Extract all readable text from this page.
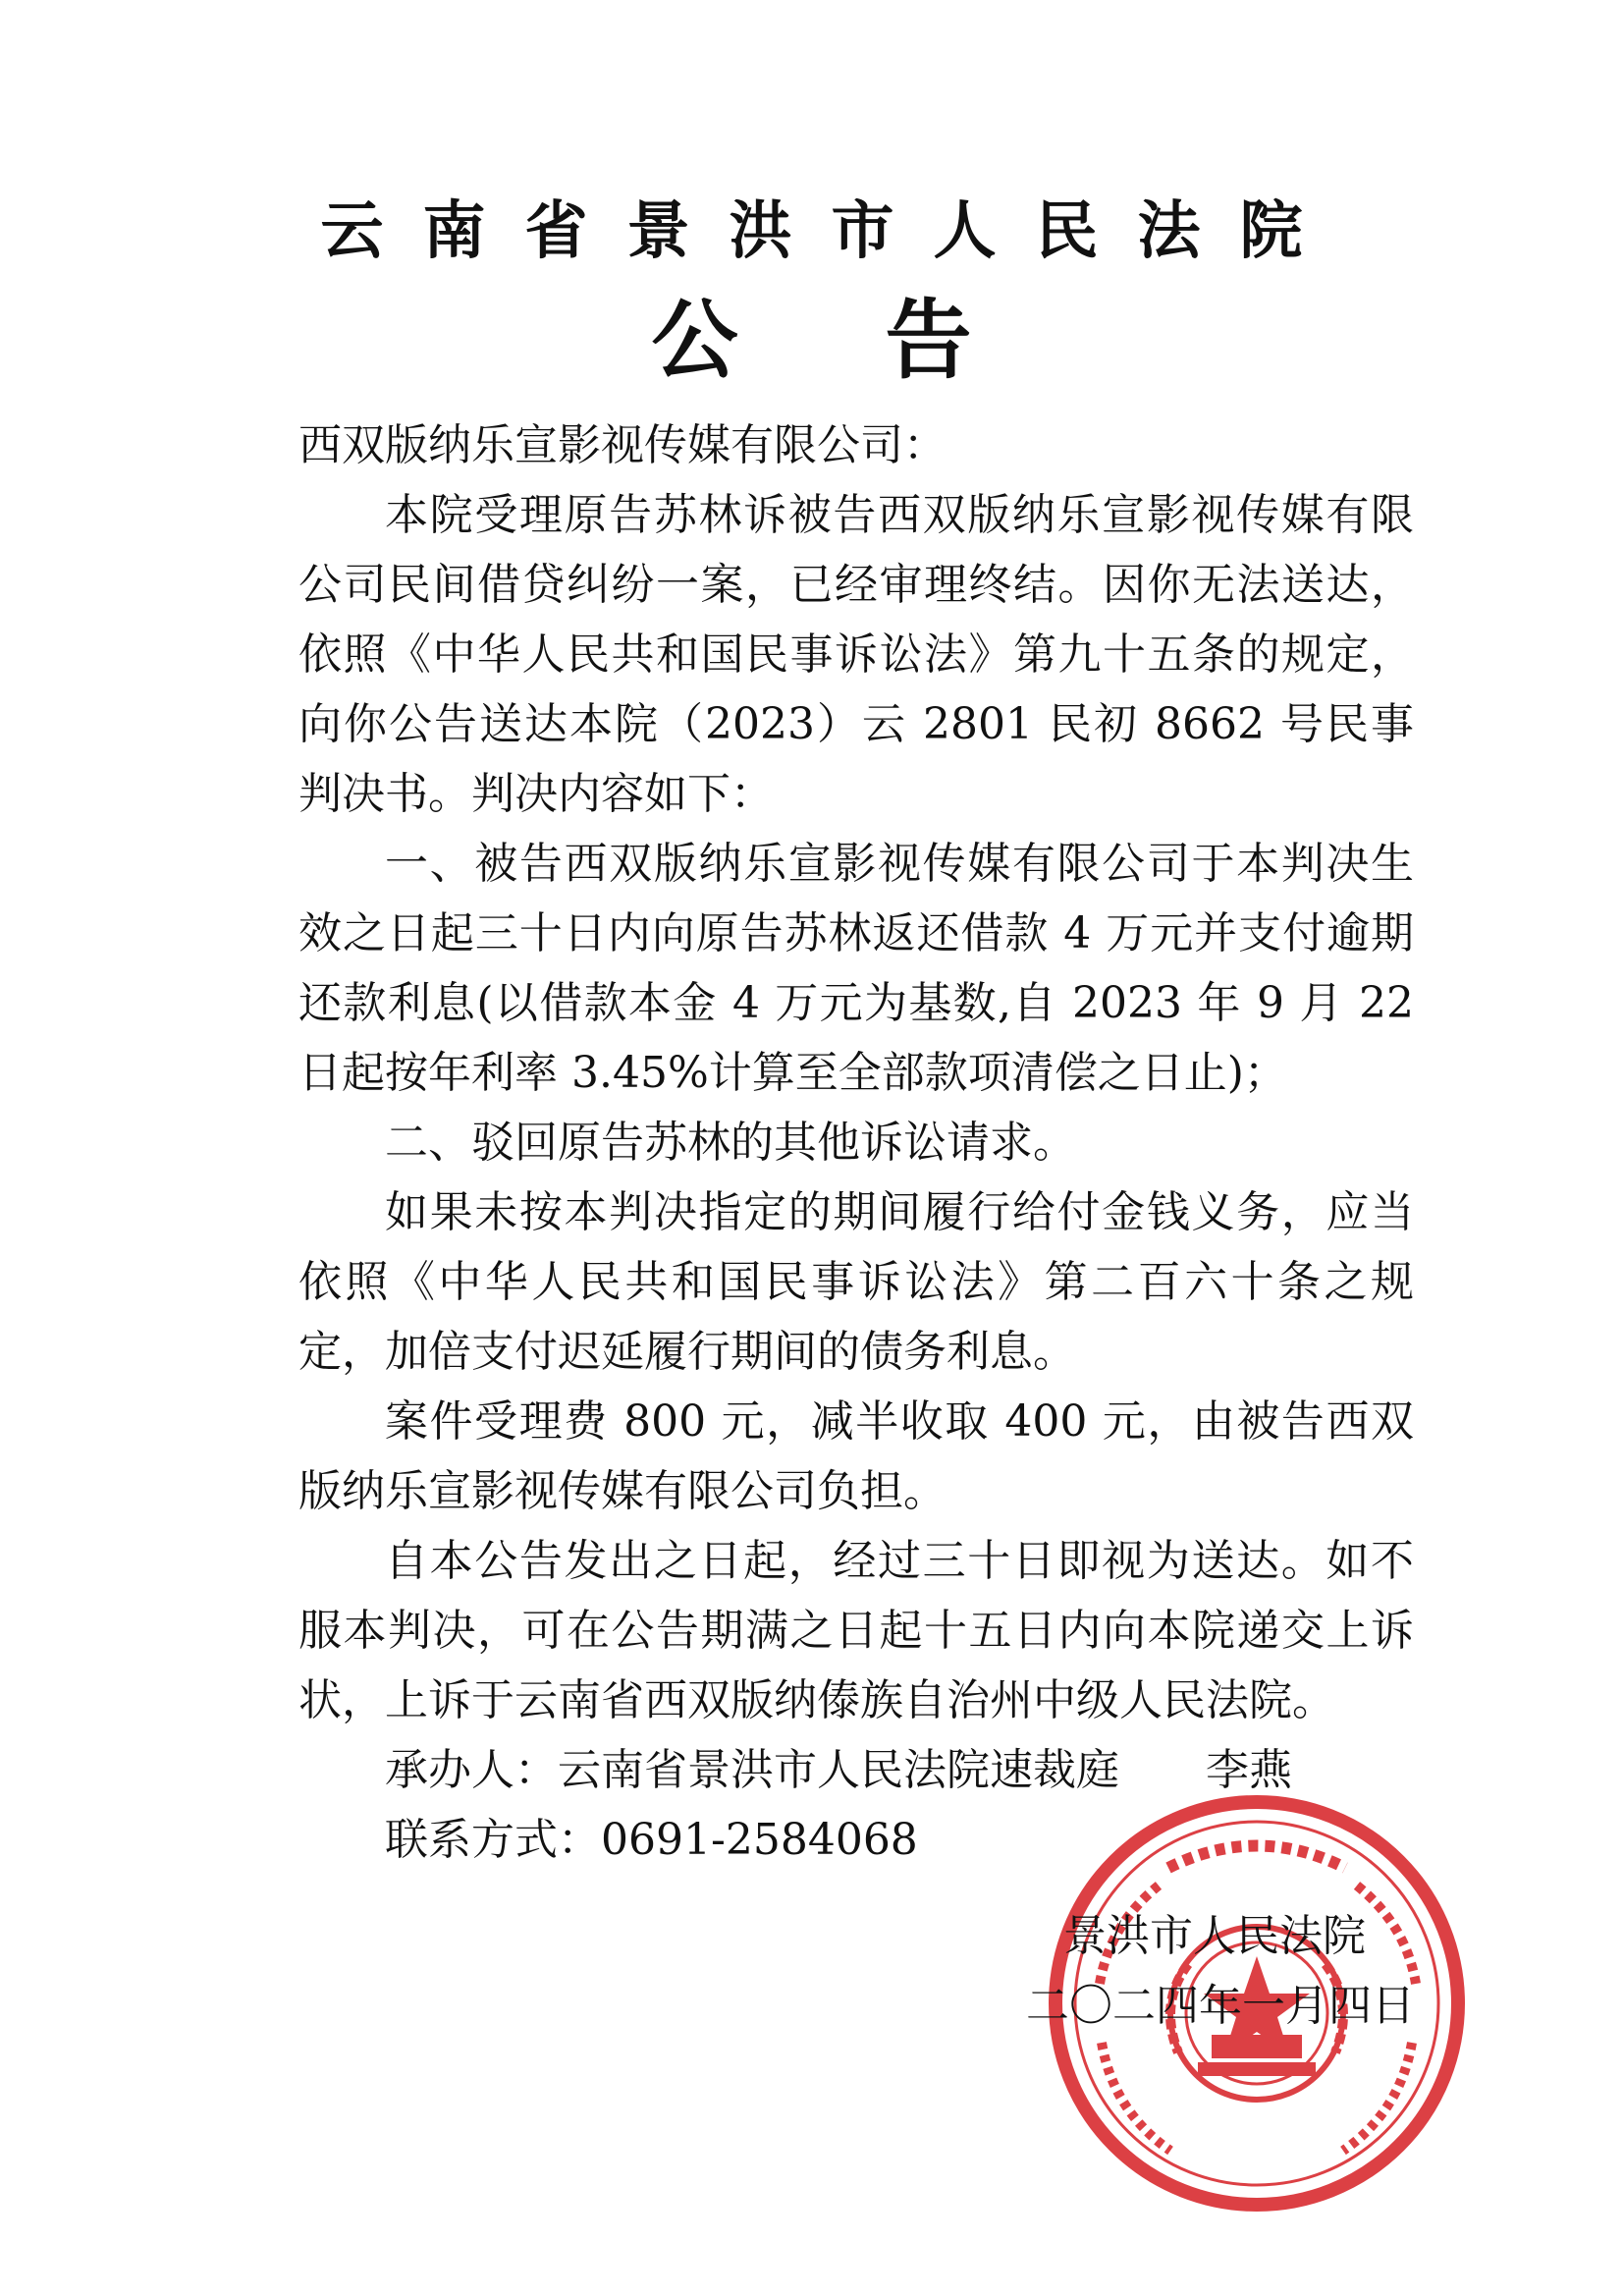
云南省景洪市人民法院
公告

西双版纳乐宣影视传媒有限公司：

本院受理原告苏林诉被告西双版纳乐宣影视传媒有限公司民间借贷纠纷一案，已经审理终结。因你无法送达，依照《中华人民共和国民事诉讼法》第九十五条的规定，向你公告送达本院（2023）云 2801 民初 8662 号民事判决书。判决内容如下：

一、被告西双版纳乐宣影视传媒有限公司于本判决生效之日起三十日内向原告苏林返还借款 4 万元并支付逾期还款利息(以借款本金 4 万元为基数,自 2023 年 9 月 22 日起按年利率 3.45%计算至全部款项清偿之日止)；

二、驳回原告苏林的其他诉讼请求。

如果未按本判决指定的期间履行给付金钱义务，应当依照《中华人民共和国民事诉讼法》第二百六十条之规定，加倍支付迟延履行期间的债务利息。

案件受理费 800 元，减半收取 400 元，由被告西双版纳乐宣影视传媒有限公司负担。

自本公告发出之日起，经过三十日即视为送达。如不服本判决，可在公告期满之日起十五日内向本院递交上诉状，上诉于云南省西双版纳傣族自治州中级人民法院。

承办人：云南省景洪市人民法院速裁庭　　李燕

联系方式：0691-2584068

景洪市人民法院
二〇二四年一月四日
